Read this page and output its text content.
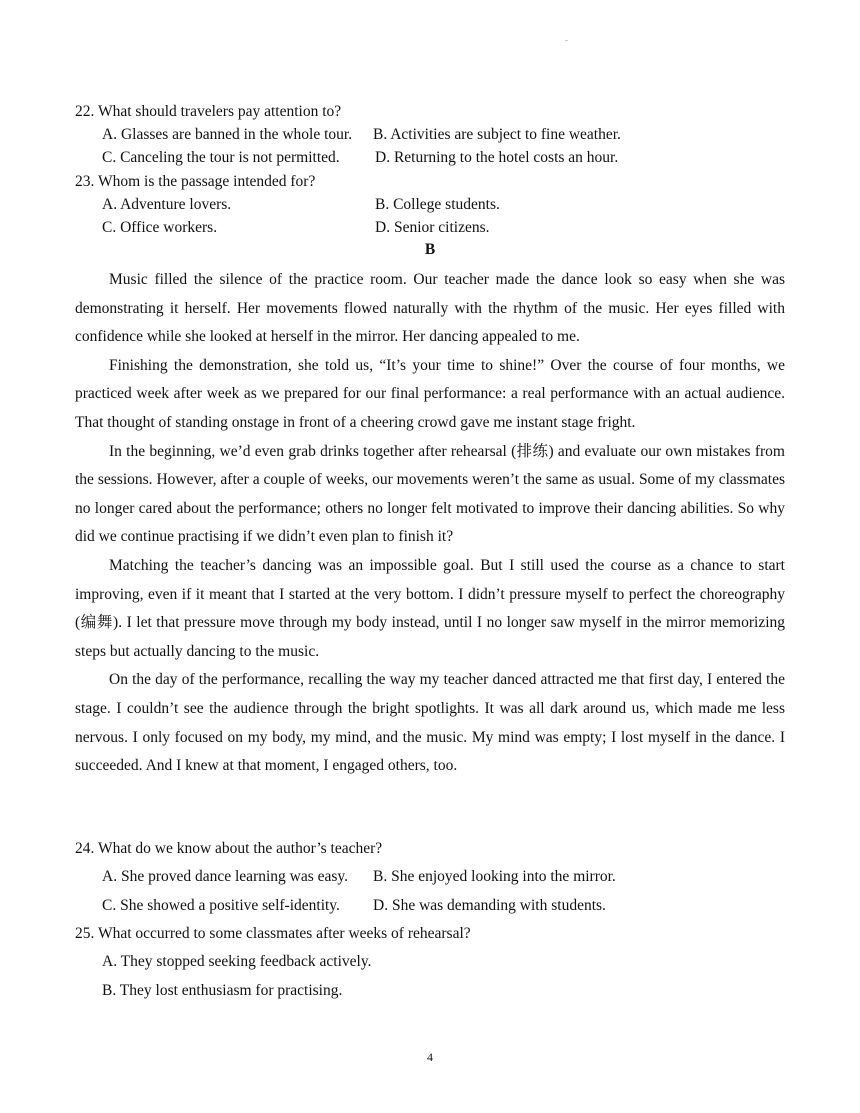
22. What should travelers pay attention to?
A. Glasses are banned in the whole tour. B. Activities are subject to fine weather.
C. Canceling the tour is not permitted. D. Returning to the hotel costs an hour.
23. Whom is the passage intended for?
A. Adventure lovers.	B. College students.
C. Office workers.	D. Senior citizens.
B

Music filled the silence of the practice room. Our teacher made the dance look so easy when she was demonstrating it herself. Her movements flowed naturally with the rhythm of the music. Her eyes filled with confidence while she looked at herself in the mirror. Her dancing appealed to me.

Finishing the demonstration, she told us, “It’s your time to shine!” Over the course of four months, we practiced week after week as we prepared for our final performance: a real performance with an actual audience. That thought of standing onstage in front of a cheering crowd gave me instant stage fright.

In the beginning, we’d even grab drinks together after rehearsal (排练) and evaluate our own mistakes from the sessions. However, after a couple of weeks, our movements weren’t the same as usual. Some of my classmates no longer cared about the performance; others no longer felt motivated to improve their dancing abilities. So why did we continue practising if we didn’t even plan to finish it?

Matching the teacher’s dancing was an impossible goal. But I still used the course as a chance to start improving, even if it meant that I started at the very bottom. I didn’t pressure myself to perfect the choreography (编舞). I let that pressure move through my body instead, until I no longer saw myself in the mirror memorizing steps but actually dancing to the music.

On the day of the performance, recalling the way my teacher danced attracted me that first day, I entered the stage. I couldn’t see the audience through the bright spotlights. It was all dark around us, which made me less nervous. I only focused on my body, my mind, and the music. My mind was empty; I lost myself in the dance. I succeeded. And I knew at that moment, I engaged others, too.

24. What do we know about the author’s teacher?
A. She proved dance learning was easy. B. She enjoyed looking into the mirror.
C. She showed a positive self-identity. D. She was demanding with students.
25. What occurred to some classmates after weeks of rehearsal?
A. They stopped seeking feedback actively.
B. They lost enthusiasm for practising.
4
